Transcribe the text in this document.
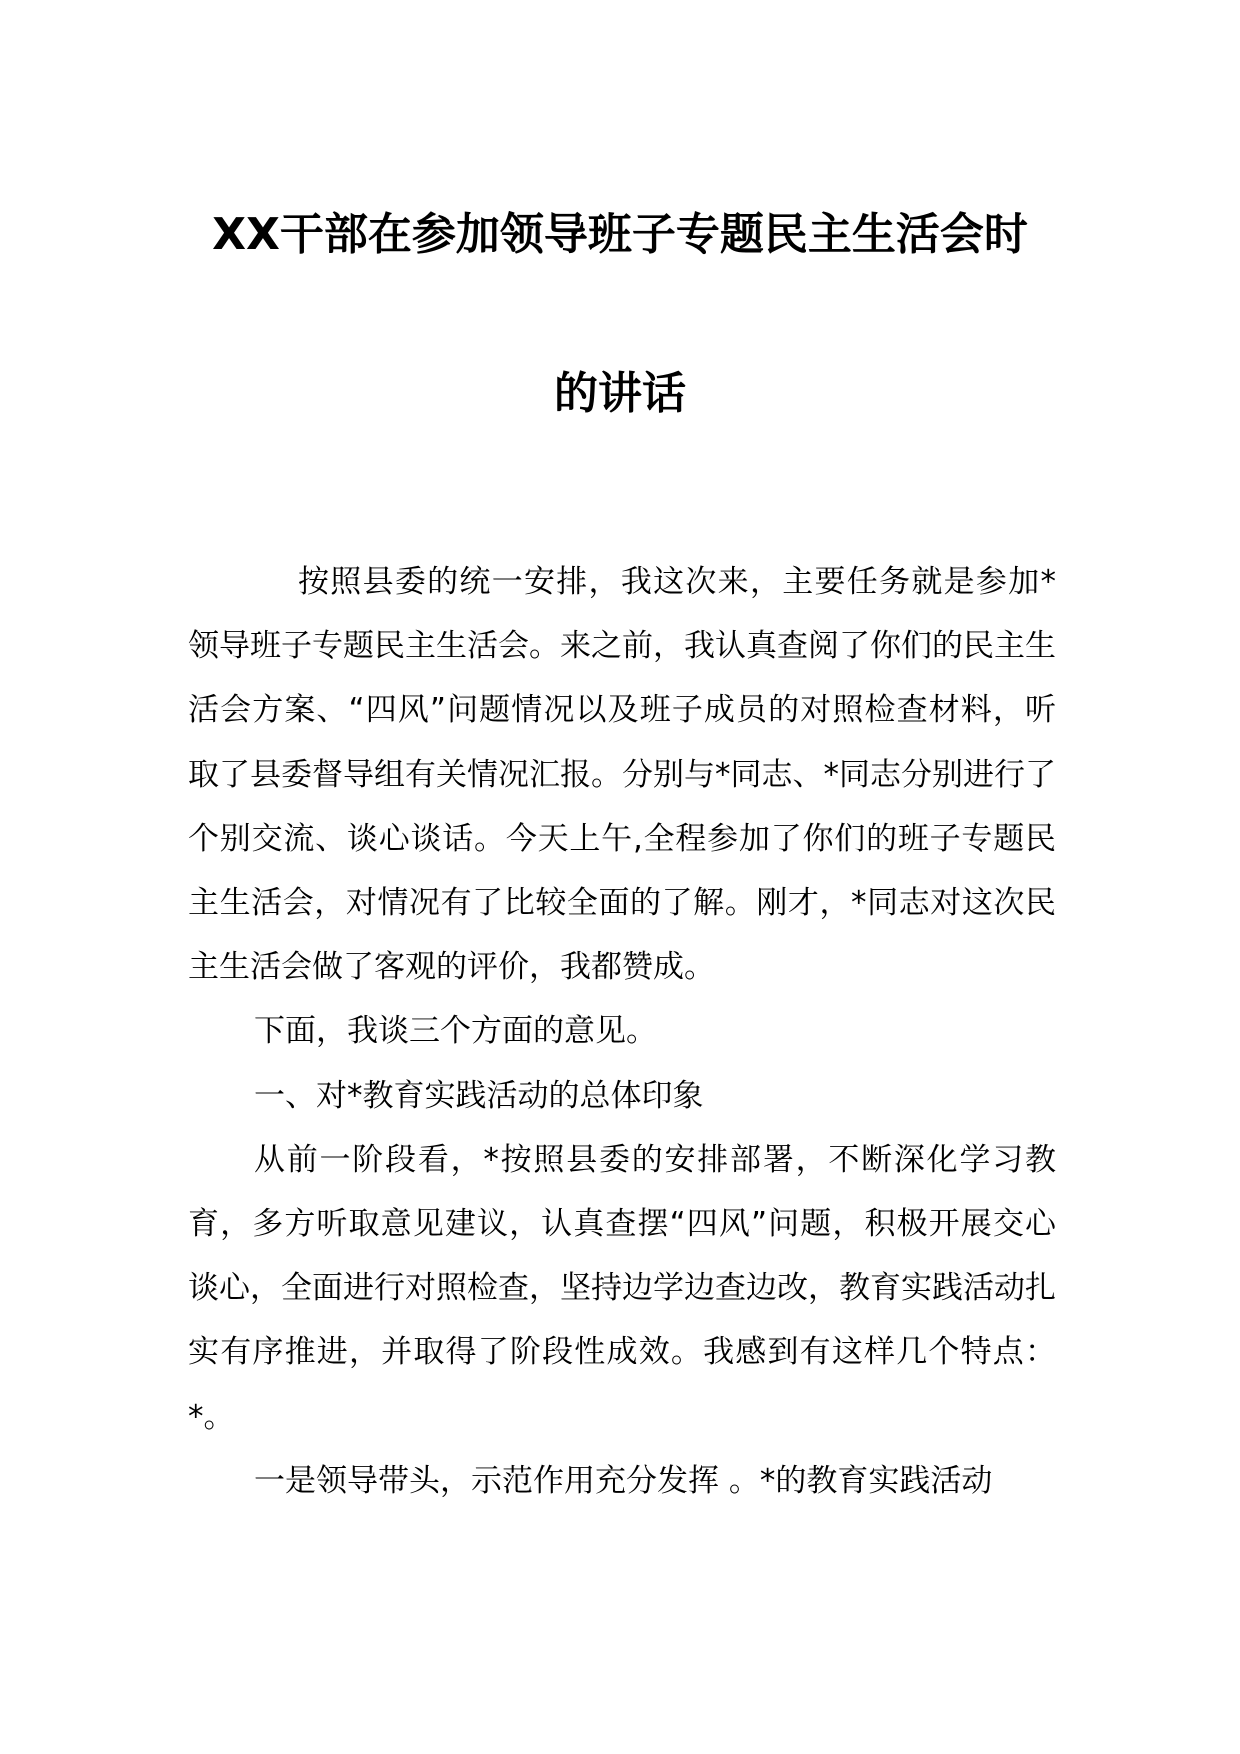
XX干部在参加领导班子专题民主生活会时
的讲话

按照县委的统一安排，我这次来，主要任务就是参加*领导班子专题民主生活会。来之前，我认真查阅了你们的民主生活会方案、“四风”问题情况以及班子成员的对照检查材料，听取了县委督导组有关情况汇报。分别与*同志、*同志分别进行了个别交流、谈心谈话。今天上午,全程参加了你们的班子专题民主生活会，对情况有了比较全面的了解。刚才，*同志对这次民主生活会做了客观的评价，我都赞成。

下面，我谈三个方面的意见。

一、对*教育实践活动的总体印象

从前一阶段看，*按照县委的安排部署，不断深化学习教育，多方听取意见建议，认真查摆“四风”问题，积极开展交心谈心，全面进行对照检查，坚持边学边查边改，教育实践活动扎实有序推进，并取得了阶段性成效。我感到有这样几个特点：*。

一是领导带头，示范作用充分发挥 。*的教育实践活动
